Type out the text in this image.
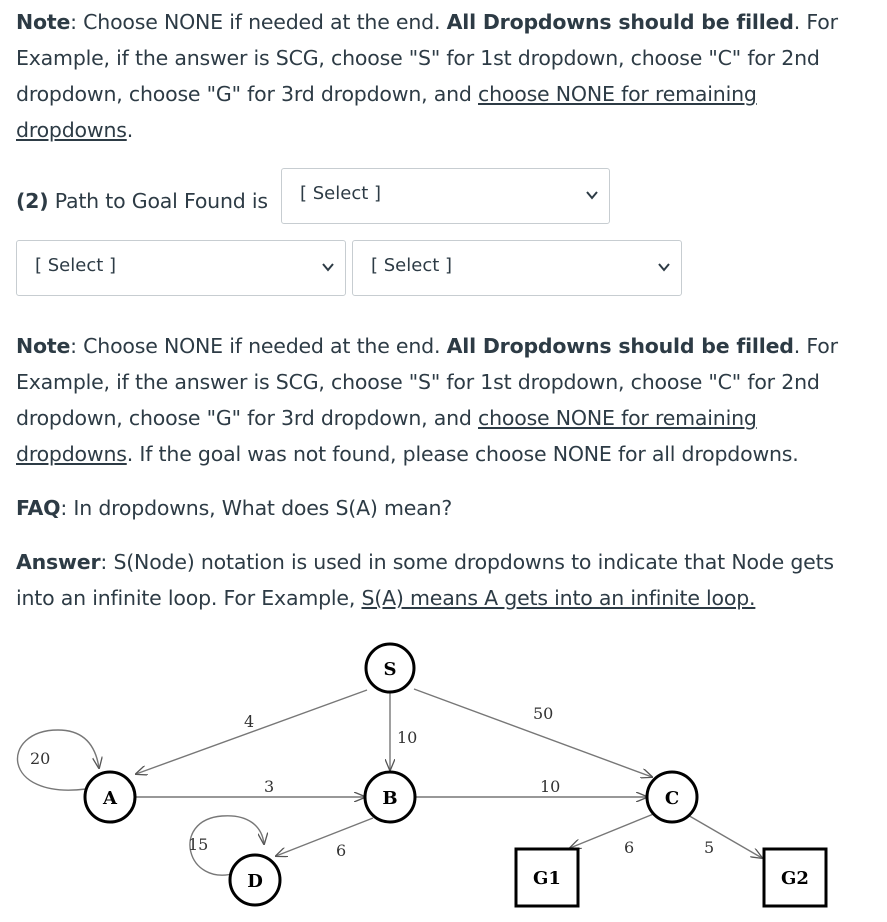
Note: Choose NONE if needed at the end. All Dropdowns should be filled. For Example, if the answer is SCG, choose "S" for 1st dropdown, choose "C" for 2nd dropdown, choose "G" for 3rd dropdown, and choose NONE for remaining dropdowns.

(2) Path to Goal Found is	[ Select ]
[ Select ]	[ Select ]

Note: Choose NONE if needed at the end. All Dropdowns should be filled. For Example, if the answer is SCG, choose "S" for 1st dropdown, choose "C" for 2nd dropdown, choose "G" for 3rd dropdown, and choose NONE for remaining dropdowns. If the goal was not found, please choose NONE for all dropdowns.

FAQ: In dropdowns, What does S(A) mean?

Answer: S(Node) notation is used in some dropdowns to indicate that Node gets into an infinite loop. For Example, S(A) means A gets into an infinite loop.

4
10
50
3	10
6	6	5
20
15
S
A	B	C
D	G1	G2
